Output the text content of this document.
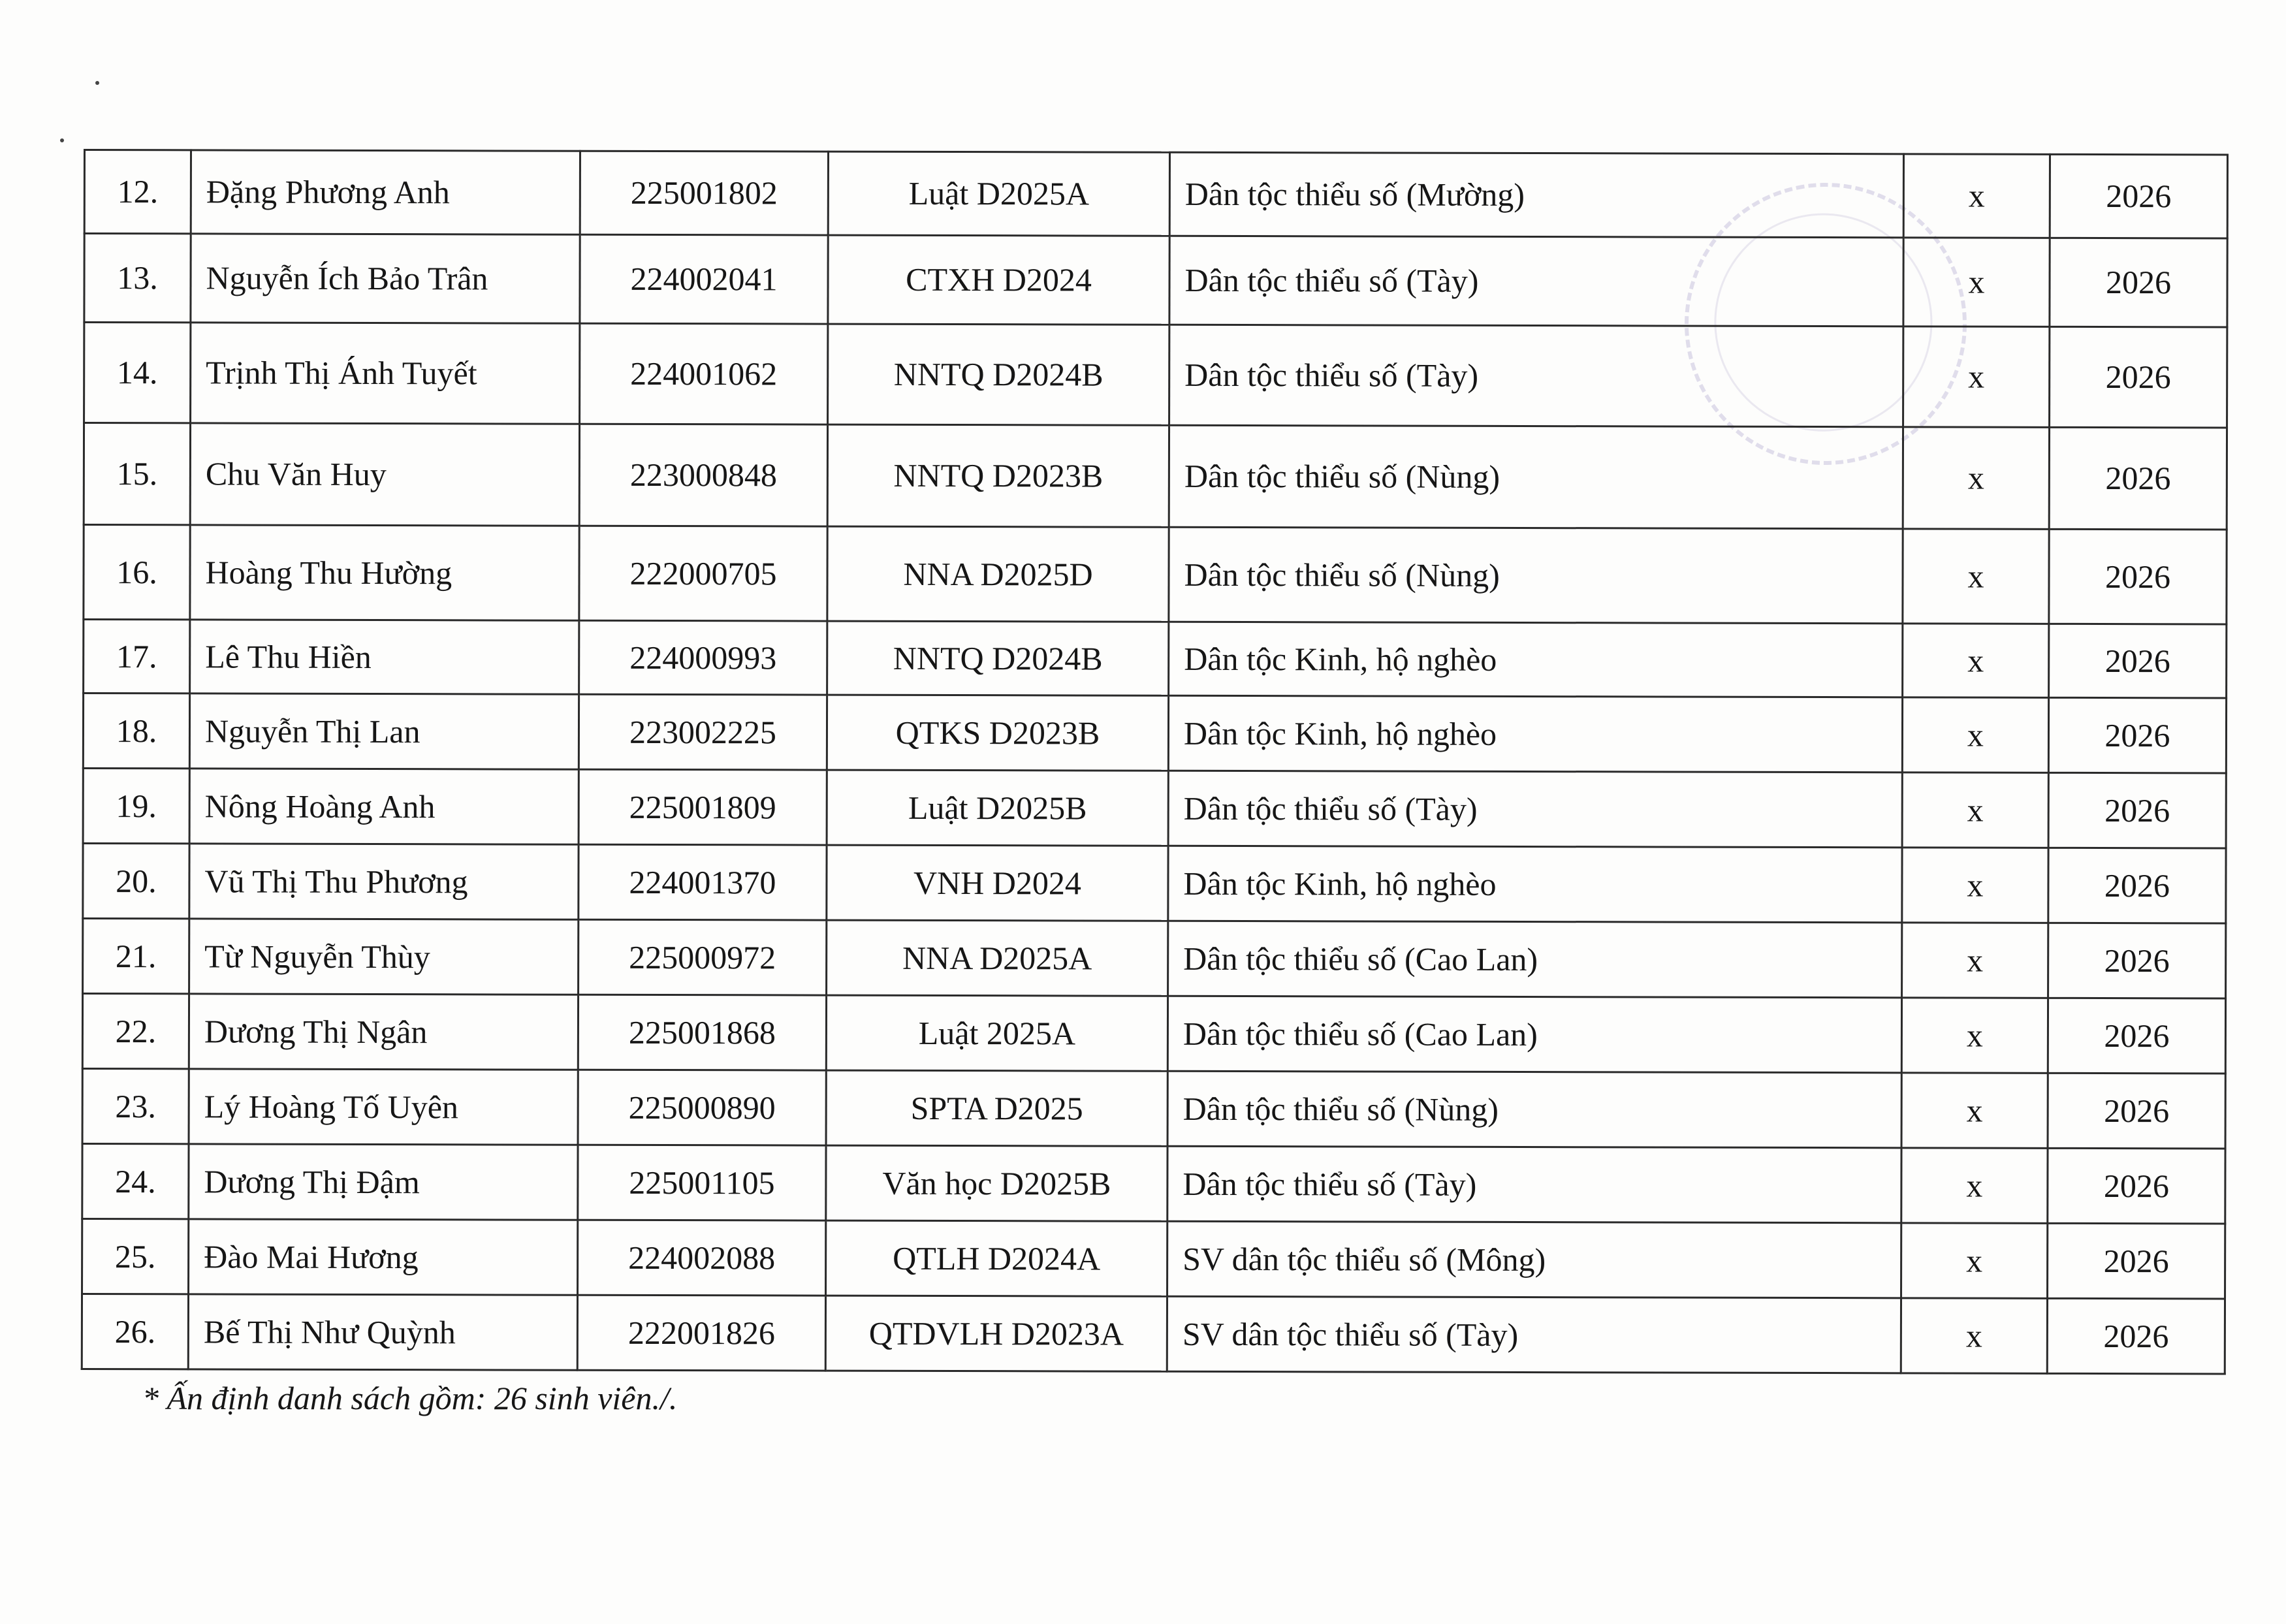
12.	Đặng Phương Anh	225001802	Luật D2025A	Dân tộc thiểu số (Mường)	x	2026
13.	Nguyễn Ích Bảo Trân	224002041	CTXH D2024	Dân tộc thiểu số (Tày)	x	2026
14.	Trịnh Thị Ánh Tuyết	224001062	NNTQ D2024B	Dân tộc thiểu số (Tày)	x	2026
15.	Chu Văn Huy	223000848	NNTQ D2023B	Dân tộc thiểu số (Nùng)	x	2026
16.	Hoàng Thu Hường	222000705	NNA D2025D	Dân tộc thiểu số (Nùng)	x	2026
17.	Lê Thu Hiền	224000993	NNTQ D2024B	Dân tộc Kinh, hộ nghèo	x	2026
18.	Nguyễn Thị Lan	223002225	QTKS D2023B	Dân tộc Kinh, hộ nghèo	x	2026
19.	Nông Hoàng Anh	225001809	Luật D2025B	Dân tộc thiểu số (Tày)	x	2026
20.	Vũ Thị Thu Phương	224001370	VNH D2024	Dân tộc Kinh, hộ nghèo	x	2026
21.	Từ Nguyễn Thùy	225000972	NNA D2025A	Dân tộc thiểu số (Cao Lan)	x	2026
22.	Dương Thị Ngân	225001868	Luật 2025A	Dân tộc thiểu số (Cao Lan)	x	2026
23.	Lý Hoàng Tố Uyên	225000890	SPTA D2025	Dân tộc thiểu số (Nùng)	x	2026
24.	Dương Thị Đậm	225001105	Văn học D2025B	Dân tộc thiểu số (Tày)	x	2026
25.	Đào Mai Hương	224002088	QTLH D2024A	SV dân tộc thiểu số (Mông)	x	2026
26.	Bế Thị Như Quỳnh	222001826	QTDVLH D2023A	SV dân tộc thiểu số (Tày)	x	2026
* Ấn định danh sách gồm: 26 sinh viên./.
